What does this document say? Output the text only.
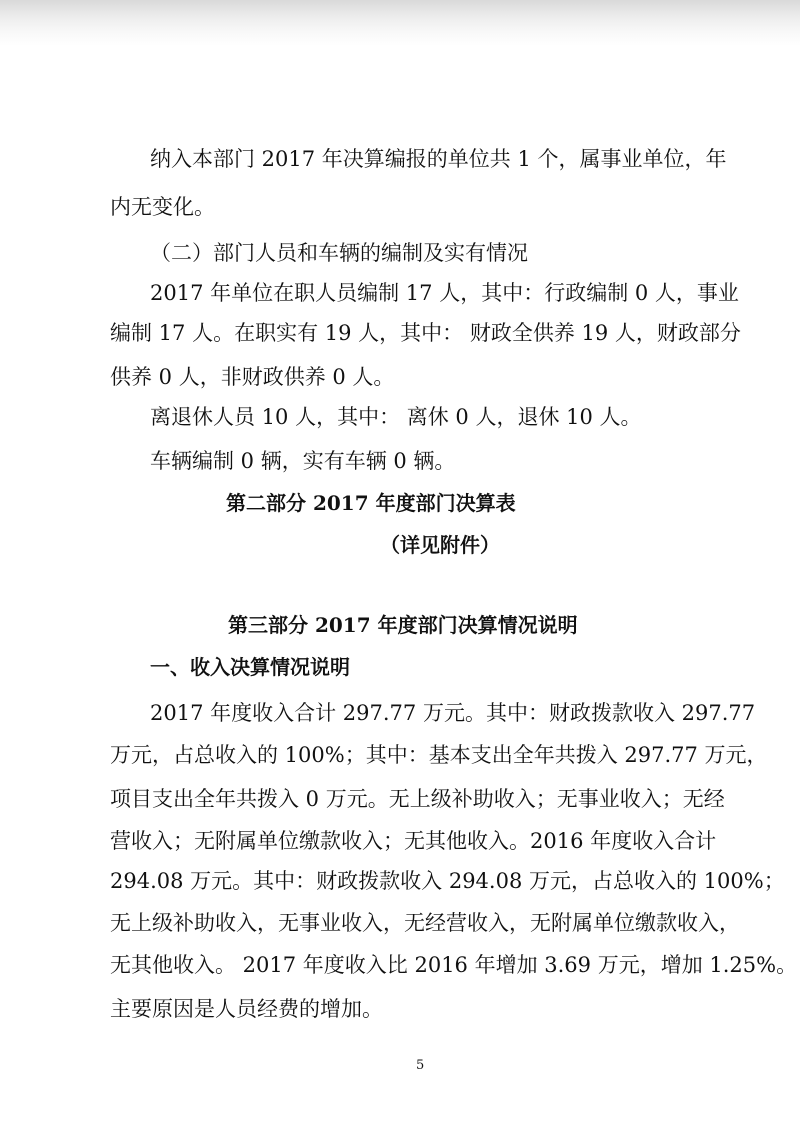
纳入本部门 2017 年决算编报的单位共 1 个，属事业单位，年
内无变化。
（二）部门人员和车辆的编制及实有情况
2017 年单位在职人员编制 17 人，其中：行政编制 0 人，事业
编制 17 人。在职实有 19 人，其中： 财政全供养 19 人，财政部分
供养 0 人，非财政供养 0 人。
离退休人员 10 人，其中： 离休 0 人，退休 10 人。
车辆编制 0 辆，实有车辆 0 辆。
第二部分 2017 年度部门决算表
（详见附件）
第三部分 2017 年度部门决算情况说明
一、收入决算情况说明
2017 年度收入合计 297.77 万元。其中：财政拨款收入 297.77
万元，占总收入的 100%；其中：基本支出全年共拨入 297.77 万元，
项目支出全年共拨入 0 万元。无上级补助收入；无事业收入；无经
营收入；无附属单位缴款收入；无其他收入。2016 年度收入合计
294.08 万元。其中：财政拨款收入 294.08 万元，占总收入的 100%；
无上级补助收入，无事业收入，无经营收入，无附属单位缴款收入，
无其他收入。 2017 年度收入比 2016 年增加 3.69 万元，增加 1.25%。
主要原因是人员经费的增加。
5
